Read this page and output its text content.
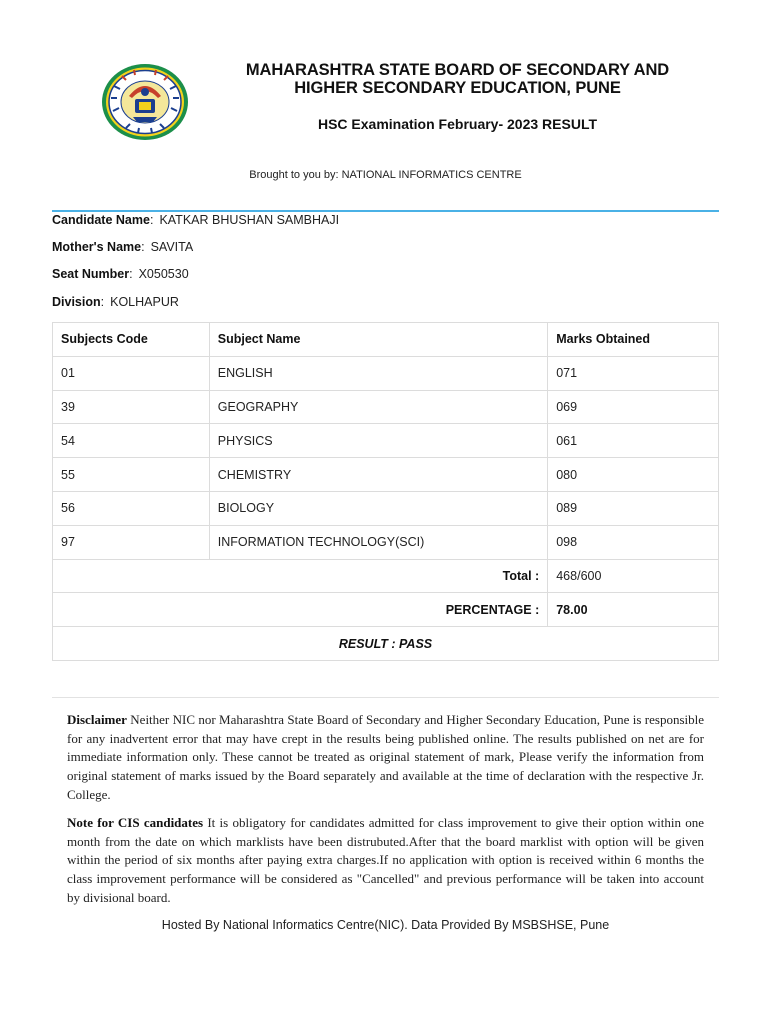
MAHARASHTRA STATE BOARD OF SECONDARY AND
HIGHER SECONDARY EDUCATION, PUNE
HSC Examination February- 2023 RESULT
Brought to you by: NATIONAL INFORMATICS CENTRE
Candidate Name: KATKAR BHUSHAN SAMBHAJI
Mother's Name: SAVITA
Seat Number: X050530
Division: KOLHAPUR
Subjects Code	Subject Name	Marks Obtained
01	ENGLISH	071
39	GEOGRAPHY	069
54	PHYSICS	061
55	CHEMISTRY	080
56	BIOLOGY	089
97	INFORMATION TECHNOLOGY(SCI)	098
Total :		468/600
PERCENTAGE :		78.00
RESULT : PASS		

Disclaimer Neither NIC nor Maharashtra State Board of Secondary and Higher Secondary Education, Pune is responsible for any inadvertent error that may have crept in the results being published online. The results published on net are for immediate information only. These cannot be treated as original statement of mark, Please verify the information from original statement of marks issued by the Board separately and available at the time of declaration with the respective Jr. College.

Note for CIS candidates It is obligatory for candidates admitted for class improvement to give their option within one month from the date on which marklists have been distrubuted.After that the board marklist with option will be given within the period of six months after paying extra charges.If no application with option is received within 6 months the class improvement performance will be considered as "Cancelled" and previous performance will be taken into account by divisional board.

Hosted By National Informatics Centre(NIC). Data Provided By MSBSHSE, Pune
